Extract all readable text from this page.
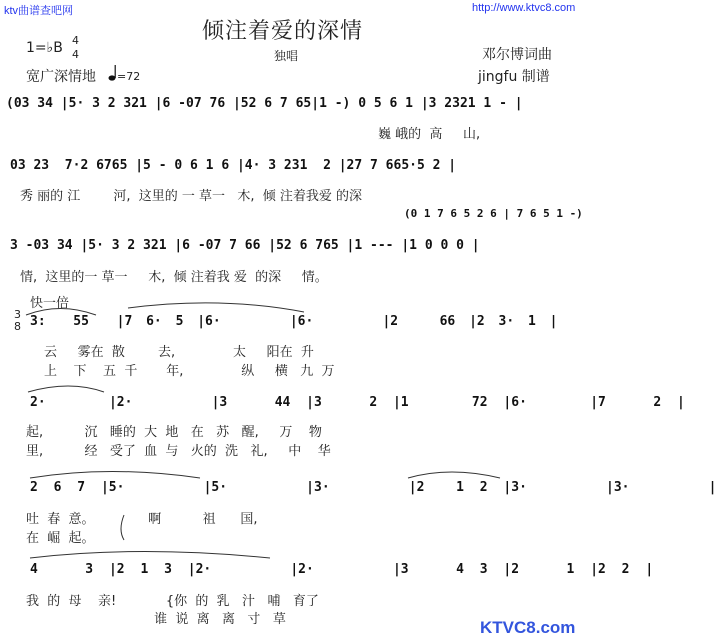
ktv曲谱查吧网	http://www.ktvc8.com
倾注着爱的深情
独唱
1=♭B 4
4
宽广深情地

=72
邓尔博词曲
jingfu 制谱
(03 34 |5· 3 2 321 |6 -07 76 |52 6 7 65|1 -) 0 5 6 1 |3 2321 1 - |
巍 峨的  高     山,
03 23  7·2 6765 |5 - 0 6 1 6 |4· 3 231  2 |27 7 665·5 2 |
秀 丽的 江        河,  这里的 一 草一   木,  倾 注着我爱 的深
(0 1 7 6 5 2 6 | 7 6 5 1 -)
3 -03 34 |5· 3 2 321 |6 -07 7 66 |52 6 765 |1 --- |1 0 0 0 |
情,  这里的一 草一     木,  倾 注着我 爱  的深     情。
快一倍
3
8 3:  55  |7 6· 5 |6·     |6·     |2   66 |2 3· 1 |
云     雾在  散        去,              太     阳在  升
上    下    五  千       年,              纵     横   九  万
2·    |2·     |3   44 |3   2 |1    72 |6·    |7   2 |
起,          沉   睡的  大  地   在   苏   醒,     万    物
里,          经   受了  血  与   火的  洗   礼,     中    华
2 6 7 |5·     |5·     |3·     |2  1 2 |3·     |3·     |
吐  春  意。             啊          祖      国,
在  崛  起。
4   3 |2 1 3 |2·     |2·     |3   4 3 |2   1 |2 2 |
我  的  母    亲!            {你  的  乳   汁   哺   育了
谁  说  离   离   寸   草	KTVC8.com
